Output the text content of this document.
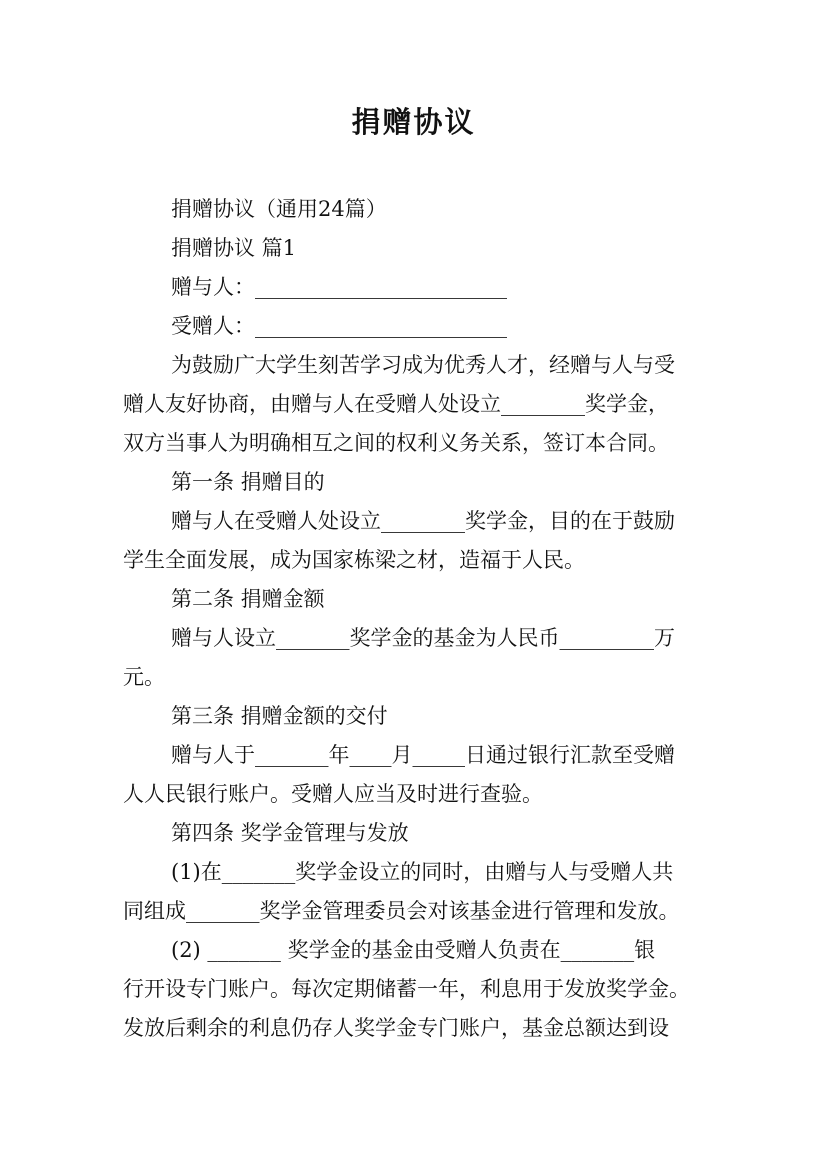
捐赠协议

捐赠协议（通用24篇）

捐赠协议 篇1

赠与人：________________________

受赠人：________________________

为鼓励广大学生刻苦学习成为优秀人才，经赠与人与受

赠人友好协商，由赠与人在受赠人处设立________奖学金，

双方当事人为明确相互之间的权利义务关系，签订本合同。

第一条 捐赠目的

赠与人在受赠人处设立________奖学金，目的在于鼓励

学生全面发展，成为国家栋梁之材，造福于人民。

第二条 捐赠金额

赠与人设立_______奖学金的基金为人民币_________万

元。

第三条 捐赠金额的交付

赠与人于_______年____月_____日通过银行汇款至受赠

人人民银行账户。受赠人应当及时进行查验。

第四条 奖学金管理与发放

(1)在_______奖学金设立的同时，由赠与人与受赠人共

同组成_______奖学金管理委员会对该基金进行管理和发放。

(2) _______ 奖学金的基金由受赠人负责在_______银

行开设专门账户。每次定期储蓄一年，利息用于发放奖学金。

发放后剩余的利息仍存人奖学金专门账户，基金总额达到设
